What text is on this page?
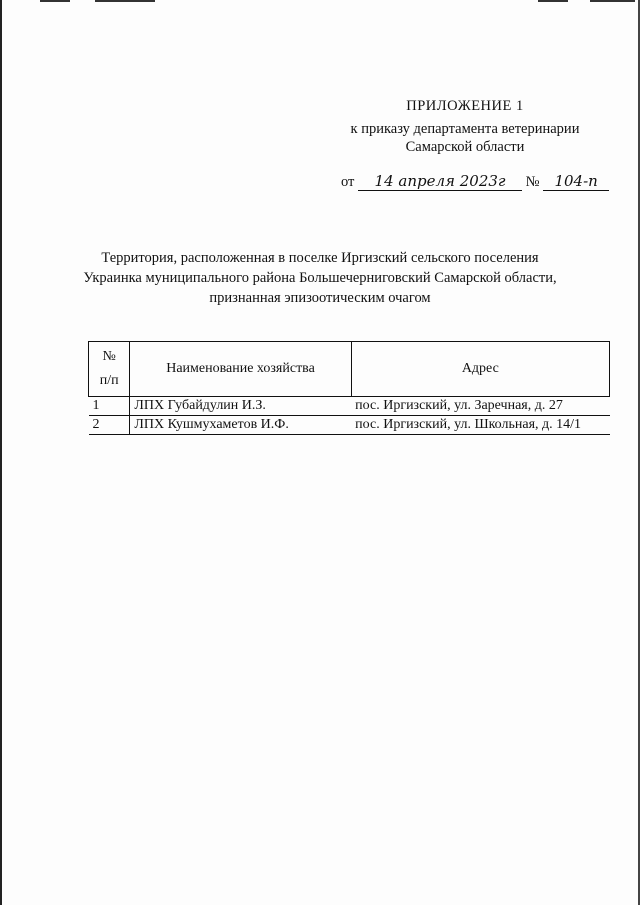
ПРИЛОЖЕНИЕ 1
к приказу департамента ветеринарии
Самарской области
от 14 апреля 2023г № 104-п
Территория, расположенная в поселке Иргизский сельского поселения
Украинка муниципального района Большечерниговский Самарской области,
признанная эпизоотическим очагом
№
п/п	Наименование хозяйства	Адрес
1	ЛПХ Губайдулин И.З.	пос. Иргизский, ул. Заречная, д. 27
2	ЛПХ Кушмухаметов И.Ф.	пос. Иргизский, ул. Школьная, д. 14/1
